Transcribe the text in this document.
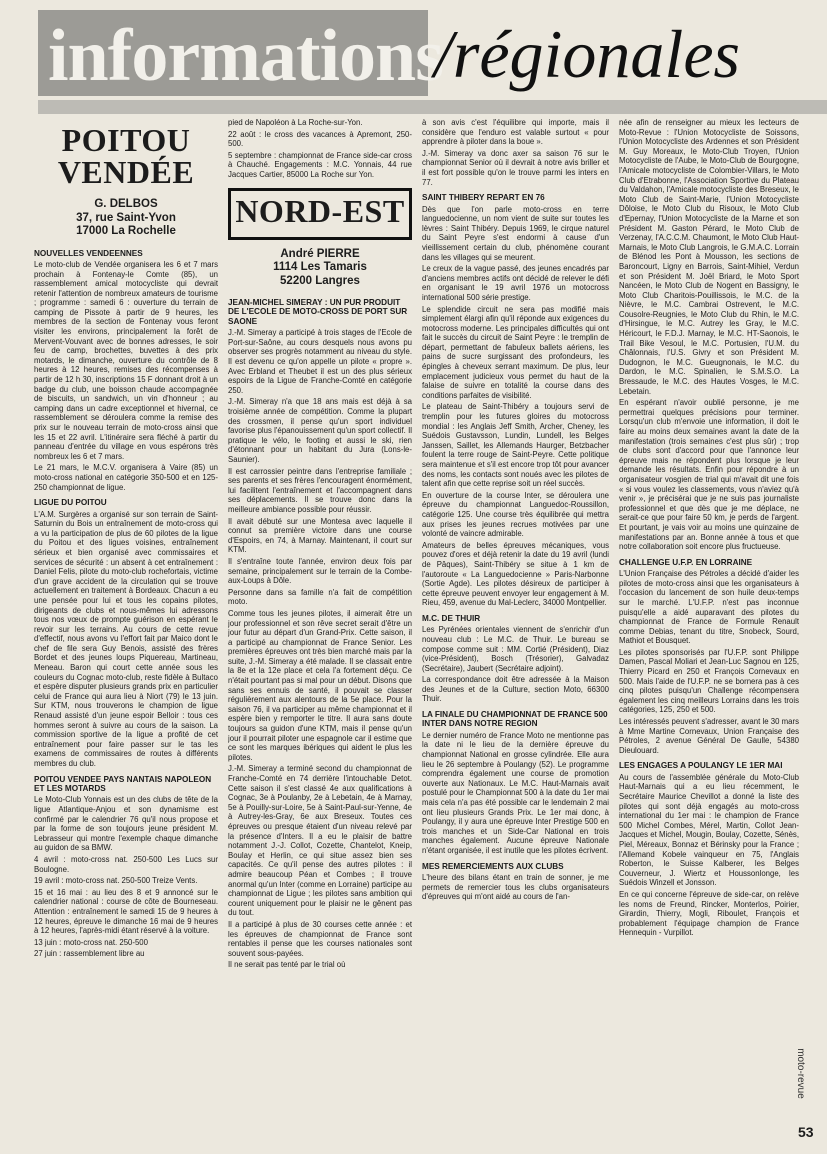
informations
/régionales
POITOU VENDÉE
G. DELBOS
37, rue Saint-Yvon
17000 La Rochelle
NOUVELLES VENDEENNES

Le moto-club de Vendée organisera les 6 et 7 mars prochain à Fontenay-le Comte (85), un rassemblement amical motocycliste qui devrait retenir l'attention de nombreux amateurs de tourisme ; programme : samedi 6 : ouverture du terrain de camping de Pissote à partir de 9 heures, les membres de la section de Fontenay vous feront visiter les environs, principalement la forêt de Mervent-Vouvant avec de bonnes adresses, le soir feu de camp, brochettes, buvettes à des prix motards, le dimanche, ouverture du contrôle de 8 heures à 12 heures, remises des récompenses à partir de 12 h 30, inscriptions 15 F donnant droit à un badge du club, une boisson chaude accompagnée de biscuits, un sandwich, un vin d'honneur ; au camping dans un cadre exceptionnel et hivernal, ce rassemblement se déroulera comme la remise des prix sur le nouveau terrain de moto-cross ainsi que les 15 et 22 avril. L'itinéraire sera fléché à partir du panneau d'entrée du village en vous espérons très nombreux les 6 et 7 mars.

Le 21 mars, le M.C.V. organisera à Vaire (85) un moto-cross national en catégorie 350-500 et en 125-250 championnat de ligue.

LIGUE DU POITOU

L'A.M. Surgères a organisé sur son terrain de Saint-Saturnin du Bois un entraînement de moto-cross qui a vu la participation de plus de 60 pilotes de la ligue du Poitou et des ligues voisines, entraînement sérieux et bien organisé avec commissaires et services de sécurité : un absent à cet entraînement : Daniel Felis, pilote du moto-club rochefortais, victime d'un grave accident de la circulation qui se trouve actuellement en traitement à Bordeaux. Chacun a eu une pensée pour lui et tous les copains pilotes, dirigeants de clubs et nous-mêmes lui adressons tous nos vœux de prompte guérison en espérant le revoir sur les terrains. Au cours de cette revue d'effectif, nous avons vu l'effort fait par Maico dont le chef de file sera Guy Benois, assisté des frères Bordet et des jeunes loups Piquereau, Martineau, Meneau. Baron qui court cette année sous les couleurs du Cognac moto-club, reste fidèle à Bultaco et espère disputer plusieurs grands prix en particulier celui de France qui aura lieu à Niort (79) le 13 juin. Sur KTM, nous trouverons le champion de ligue Renaud assisté d'un jeune espoir Belloir : tous ces hommes seront à suivre au cours de la saison. La commission sportive de la ligue a profité de cet entraînement pour faire passer sur le tas les examens de commissaires de routes à différents membres du club.

POITOU VENDEE PAYS NANTAIS NAPOLEON ET LES MOTARDS

Le Moto-Club Yonnais est un des clubs de tête de la ligue Atlantique-Anjou et son dynamisme est confirmé par le calendrier 76 qu'il nous propose et par la forme de son toujours jeune président M. Lebrasseur qui montre l'exemple chaque dimanche au guidon de sa BMW.

4 avril : moto-cross nat. 250-500 Les Lucs sur Boulogne.

19 avril : moto-cross nat. 250-500 Treize Vents.

15 et 16 mai : au lieu des 8 et 9 annoncé sur le calendrier national : course de côte de Bourneseau. Attention : entraînement le samedi 15 de 9 heures à 12 heures, épreuve le dimanche 16 mai de 9 heures à 12 heures, l'après-midi étant réservé à la voiture.

13 juin : moto-cross nat. 250-500

27 juin : rassemblement libre au

pied de Napoléon à La Roche-sur-Yon.

22 août : le cross des vacances à Apremont, 250-500.

5 septembre : championnat de France side-car cross à Chauché. Engagements : M.C. Yonnais, 44 rue Jacques Cartier, 85000 La Roche sur Yon.

NORD-EST
André PIERRE
1114 Les Tamaris
52200 Langres
JEAN-MICHEL SIMERAY : UN PUR PRODUIT DE L'ECOLE DE MOTO-CROSS DE PORT SUR SAONE

J.-M. Simeray a participé à trois stages de l'Ecole de Port-sur-Saône, au cours desquels nous avons pu observer ses progrès notamment au niveau du style. Il est devenu ce qu'on appelle un pilote « propre ». Avec Erbland et Theubet il est un des plus sérieux espoirs de la Ligue de Franche-Comté en catégorie 250.

J.-M. Simeray n'a que 18 ans mais est déjà à sa troisième année de compétition. Comme la plupart des crossmen, il pense qu'un sport individuel favorise plus l'épanouissement qu'un sport collectif. Il pratique le vélo, le footing et aussi le ski, rien d'étonnant pour un habitant du Jura (Lons-le-Saunier).

Il est carrossier peintre dans l'entreprise familiale ; ses parents et ses frères l'encouragent énormément, lui facilitent l'entraînement et l'accompagnent dans ses déplacements. Il se trouve donc dans la meilleure ambiance possible pour réussir.

Il avait débuté sur une Montesa avec laquelle il connut sa première victoire dans une course d'Espoirs, en 74, à Marnay. Maintenant, il court sur KTM.

Il s'entraîne toute l'année, environ deux fois par semaine, principalement sur le terrain de la Combe-aux-Loups à Dôle.

Personne dans sa famille n'a fait de compétition moto.

Comme tous les jeunes pilotes, il aimerait être un jour professionnel et son rêve secret serait d'être un jour futur au départ d'un Grand-Prix. Cette saison, il a participé au championnat de France Senior. Les premières épreuves ont très bien marché mais par la suite, J.-M. Simeray a été malade. Il se classait entre la 8e et la 12e place et cela l'a fortement déçu. Ce n'était pourtant pas si mal pour un début. Disons que sans ses ennuis de santé, il pouvait se classer régulièrement aux alentours de la 5e place. Pour la saison 76, il va participer au même championnat et il espère bien y remporter le titre. Il aura sans doute toujours sa guidon d'une KTM, mais il pense qu'un jour il pourrait piloter une espagnole car il estime que ce sont les marques ibériques qui aident le plus les pilotes.

J.-M. Simeray a terminé second du championnat de Franche-Comté en 74 derrière l'intouchable Detot. Cette saison il s'est classé 4e aux qualifications à Cognac, 3e à Poulanby, 2e à Lebetain, 4e à Marnay, 5e à Pouilly-sur-Loire, 5e à Saint-Paul-sur-Yenne, 4e à Autrey-les-Gray, 6e aux Breseux. Toutes ces épreuves ou presque étaient d'un niveau relevé par la présence d'Inters. Il a eu le plaisir de battre notamment J.-J. Collot, Cozette, Chantelot, Kneip, Boulay et Herlin, ce qui situe assez bien ses capacités. Ce qu'il pense des autres pilotes : il admire beaucoup Péan et Combes ; il trouve anormal qu'un Inter (comme en Lorraine) participe au championnat de Ligue ; les pilotes sans ambition qui courent uniquement pour le plaisir ne le gênent pas du tout.

Il a participé à plus de 30 courses cette année : et les épreuves de championnat de France sont rentables il pense que les courses nationales sont souvent sous-payées.

Il ne serait pas tenté par le trial où

à son avis c'est l'équilibre qui importe, mais il considère que l'enduro est valable surtout « pour apprendre à piloter dans la boue ».

J.-M. Simeray va donc axer sa saison 76 sur le championnat Senior où il devrait à notre avis briller et il est fort possible qu'on le trouve parmi les inters en 77.

SAINT THIBERY REPART EN 76

Dès que l'on parle moto-cross en terre languedocienne, un nom vient de suite sur toutes les lèvres : Saint Thibéry. Depuis 1969, le cirque naturel du Saint Peyre s'est endormi à cause d'un vieillissement certain du club, phénomène courant dans les villages qui se meurent.

Le creux de la vague passé, des jeunes encadrés par d'anciens membres actifs ont décidé de relever le défi en organisant le 19 avril 1976 un motocross international 500 série prestige.

Le splendide circuit ne sera pas modifié mais simplement élargi afin qu'il réponde aux exigences du motocross moderne. Les principales difficultés qui ont fait le succès du circuit de Saint Peyre : le tremplin de départ, permettant de fabuleux ballets aériens, les pains de sucre surgissant des profondeurs, les épingles à cheveux serrant maximum. De plus, leur emplacement judicieux vous permet du haut de la falaise de suivre en totalité la course dans des conditions parfaites de visibilité.

Le plateau de Saint-Thibéry a toujours servi de tremplin pour les futures gloires du motocross mondial : les Anglais Jeff Smith, Archer, Cheney, les Suédois Gustavsson, Lundin, Lundell, les Belges Janssen, Saillet, les Allemands Haurger, Betzbacher foulent la terre rouge de Saint-Peyre. Cette politique sera maintenue et s'il est encore trop tôt pour avancer des noms, les contacts sont noués avec les pilotes de talent afin que cette reprise soit un réel succès.

En ouverture de la course Inter, se déroulera une épreuve du championnat Languedoc-Roussillon, catégorie 125. Une course très équilibrée qui mettra aux prises les jeunes recrues motivées par une volonté de vaincre admirable.

Amateurs de belles épreuves mécaniques, vous pouvez d'ores et déjà retenir la date du 19 avril (lundi de Pâques), Saint-Thibéry se situe à 1 km de l'autoroute « La Languedocienne » Paris-Narbonne (Sortie Agde). Les pilotes désireux de participer à cette épreuve peuvent envoyer leur engagement à M. Rieu, 459, avenue du Mal-Leclerc, 34000 Montpellier.

M.C. DE THUIR

Les Pyrénées orientales viennent de s'enrichir d'un nouveau club : Le M.C. de Thuir. Le bureau se compose comme suit : MM. Cortié (Président), Diaz (vice-Président), Bosch (Trésorier), Galvadaz (Secrétaire), Jaubert (Secrétaire adjoint).

La correspondance doit être adressée à la Maison des Jeunes et de la Culture, section Moto, 66300 Thuir.

LA FINALE DU CHAMPIONNAT DE FRANCE 500 INTER DANS NOTRE REGION

Le dernier numéro de France Moto ne mentionne pas la date ni le lieu de la dernière épreuve du championnat National en grosse cylindrée. Elle aura lieu le 26 septembre à Poulangy (52). Le programme comprendra également une course de promotion ouverte aux Nationaux. Le M.C. Haut-Marnais avait postulé pour le Championnat 500 à la date du 1er mai mais cela n'a pas été possible car le lendemain 2 mai ont lieu plusieurs Grands Prix. Le 1er mai donc, à Poulangy, il y aura une épreuve Inter Prestige 500 en trois manches et un Side-Car National en trois manches également. Aucune épreuve Nationale n'étant organisée, il est inutile que les pilotes écrivent.

MES REMERCIEMENTS AUX CLUBS

L'heure des bilans étant en train de sonner, je me permets de remercier tous les clubs organisateurs d'épreuves qui m'ont aidé au cours de l'an-

née afin de renseigner au mieux les lecteurs de Moto-Revue : l'Union Motocycliste de Soissons, l'Union Motocycliste des Ardennes et son Président M. Guy Moreaux, le Moto-Club Troyen, l'Union Motocycliste de l'Aube, le Moto-Club de Bourgogne, l'Amicale motocycliste de Colombier-Villars, le Moto Club d'Etrabonne, l'Association Sportive du Plateau du Valdahon, l'Amicale motocycliste des Breseux, le Moto Club de Saint-Marie, l'Union Motocycliste Dôloise, le Moto Club du Risoux, le Moto Club d'Epernay, l'Union Motocycliste de la Marne et son Président M. Gaston Pérard, le Moto Club de Verzenay, l'A.C.C.M. Chaumont, le Moto Club Haut-Marnais, le Moto Club Langrois, le G.M.A.C. Lorrain de Blénod les Pont à Mousson, les sections de Baroncourt, Ligny en Barrois, Saint-Mihiel, Verdun et son Président M. Joël Briard, le Moto Sport Nancéen, le Moto Club de Nogent en Bassigny, le Moto Club Charitois-Pouillissois, le M.C. de la Nièvre, le M.C. Cambrai Ostrevent, le M.C. Cousolre-Reugnies, le Moto Club du Rhin, le M.C. d'Hirsingue, le M.C. Autrey les Gray, le M.C. Héricourt, le F.D.J. Marnay, le M.C. HT-Saonois, le Trail Bike Vesoul, le M.C. Portusien, l'U.M. du Châlonnais, l'U.S. Givry et son Président M. Dudognon, le M.C. Gueugnonais, le M.C. du Dardon, le M.C. Spinalien, le S.M.S.O. La Bressaude, le M.C. des Hautes Vosges, le M.C. Lebetain.

En espérant n'avoir oublié personne, je me permettrai quelques précisions pour terminer. Lorsqu'un club m'envoie une information, il doit le faire au moins deux semaines avant la date de la manifestation (trois semaines c'est plus sûr) ; trop de clubs sont d'accord pour que l'annonce leur épreuve mais ne répondent plus lorsque je leur demande les résultats. Enfin pour répondre à un organisateur vosgien de trial qui m'avait dit une fois « si vous voulez les classements, vous n'aviez qu'à venir », je précisérai que je ne suis pas journaliste professionnel et que dès que je me déplace, ne serait-ce que pour faire 50 km, je perds de l'argent. Et pourtant, je vais voir au moins une quinzaine de manifestations par an. Bonne année à tous et que notre collaboration soit encore plus fructueuse.

CHALLENGE U.F.P. EN LORRAINE

L'Union Française des Pétroles a décidé d'aider les pilotes de moto-cross ainsi que les organisateurs à l'occasion du lancement de son huile deux-temps sur le marché. L'U.F.P. n'est pas inconnue puisqu'elle a aidé auparavant des pilotes du championnat de France de Formule Renault comme Debias, tenant du titre, Snobeck, Sourd, Mathiot et Bousquet.

Les pilotes sponsorisés par l'U.F.P. sont Philippe Damen, Pascal Moliari et Jean-Luc Sagnou en 125, Thierry Picard en 250 et François Cornevaux en 500. Mais l'aide de l'U.F.P. ne se bornera pas à ces cinq pilotes puisqu'un Challenge récompensera également les cinq meilleurs Lorrains dans les trois catégories, 125, 250 et 500.

Les intéressés peuvent s'adresser, avant le 30 mars à Mme Martine Cornevaux, Union Française des Pétroles, 2 avenue Général De Gaulle, 54380 Dieulouard.

LES ENGAGES A POULANGY LE 1ER MAI

Au cours de l'assemblée générale du Moto-Club Haut-Marnais qui a eu lieu récemment, le Secrétaire Maurice Chevillot a donné la liste des pilotes qui sont déjà engagés au moto-cross international du 1er mai : le champion de France 500 Michel Combes, Mérel, Martin, Collot Jean-Jacques et Michel, Mougin, Boulay, Cozette, Sénès, Piel, Méreaux, Bonnaz et Bérinsky pour la France ; l'Allemand Kobele vainqueur en 75, l'Anglais Roberton, le Suisse Kalberer, les Belges Couverneur, J. Wiertz et Houssonlonge, les Suédois Winzell et Jonsson.

En ce qui concerne l'épreuve de side-car, on relève les noms de Freund, Rincker, Monterlos, Poirier, Girardin, Thierry, Mogli, Riboulet, François et probablement l'équipage champion de France Hennequin - Vurpillot.

moto-revue
53
